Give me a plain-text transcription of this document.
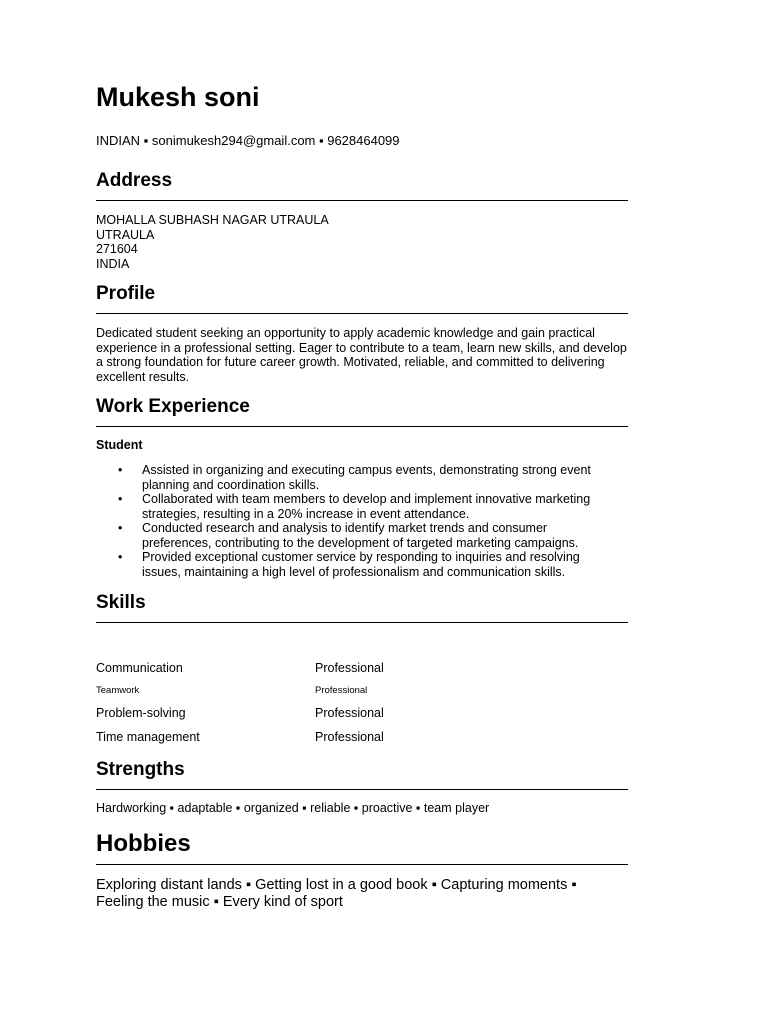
Mukesh soni
INDIAN ▪ sonimukesh294@gmail.com ▪ 9628464099
Address
MOHALLA SUBHASH NAGAR UTRAULA
UTRAULA
271604
INDIA
Profile
Dedicated student seeking an opportunity to apply academic knowledge and gain practical experience in a professional setting. Eager to contribute to a team, learn new skills, and develop a strong foundation for future career growth. Motivated, reliable, and committed to delivering excellent results.
Work Experience
Student
• Assisted in organizing and executing campus events, demonstrating strong event planning and coordination skills.
• Collaborated with team members to develop and implement innovative marketing strategies, resulting in a 20% increase in event attendance.
• Conducted research and analysis to identify market trends and consumer preferences, contributing to the development of targeted marketing campaigns.
• Provided exceptional customer service by responding to inquiries and resolving issues, maintaining a high level of professionalism and communication skills.
Skills
Communication	Professional
Teamwork	Professional
Problem-solving	Professional
Time management	Professional
Strengths
Hardworking ▪ adaptable ▪ organized ▪ reliable ▪ proactive ▪ team player
Hobbies
Exploring distant lands ▪ Getting lost in a good book ▪ Capturing moments ▪ Feeling the music ▪ Every kind of sport
